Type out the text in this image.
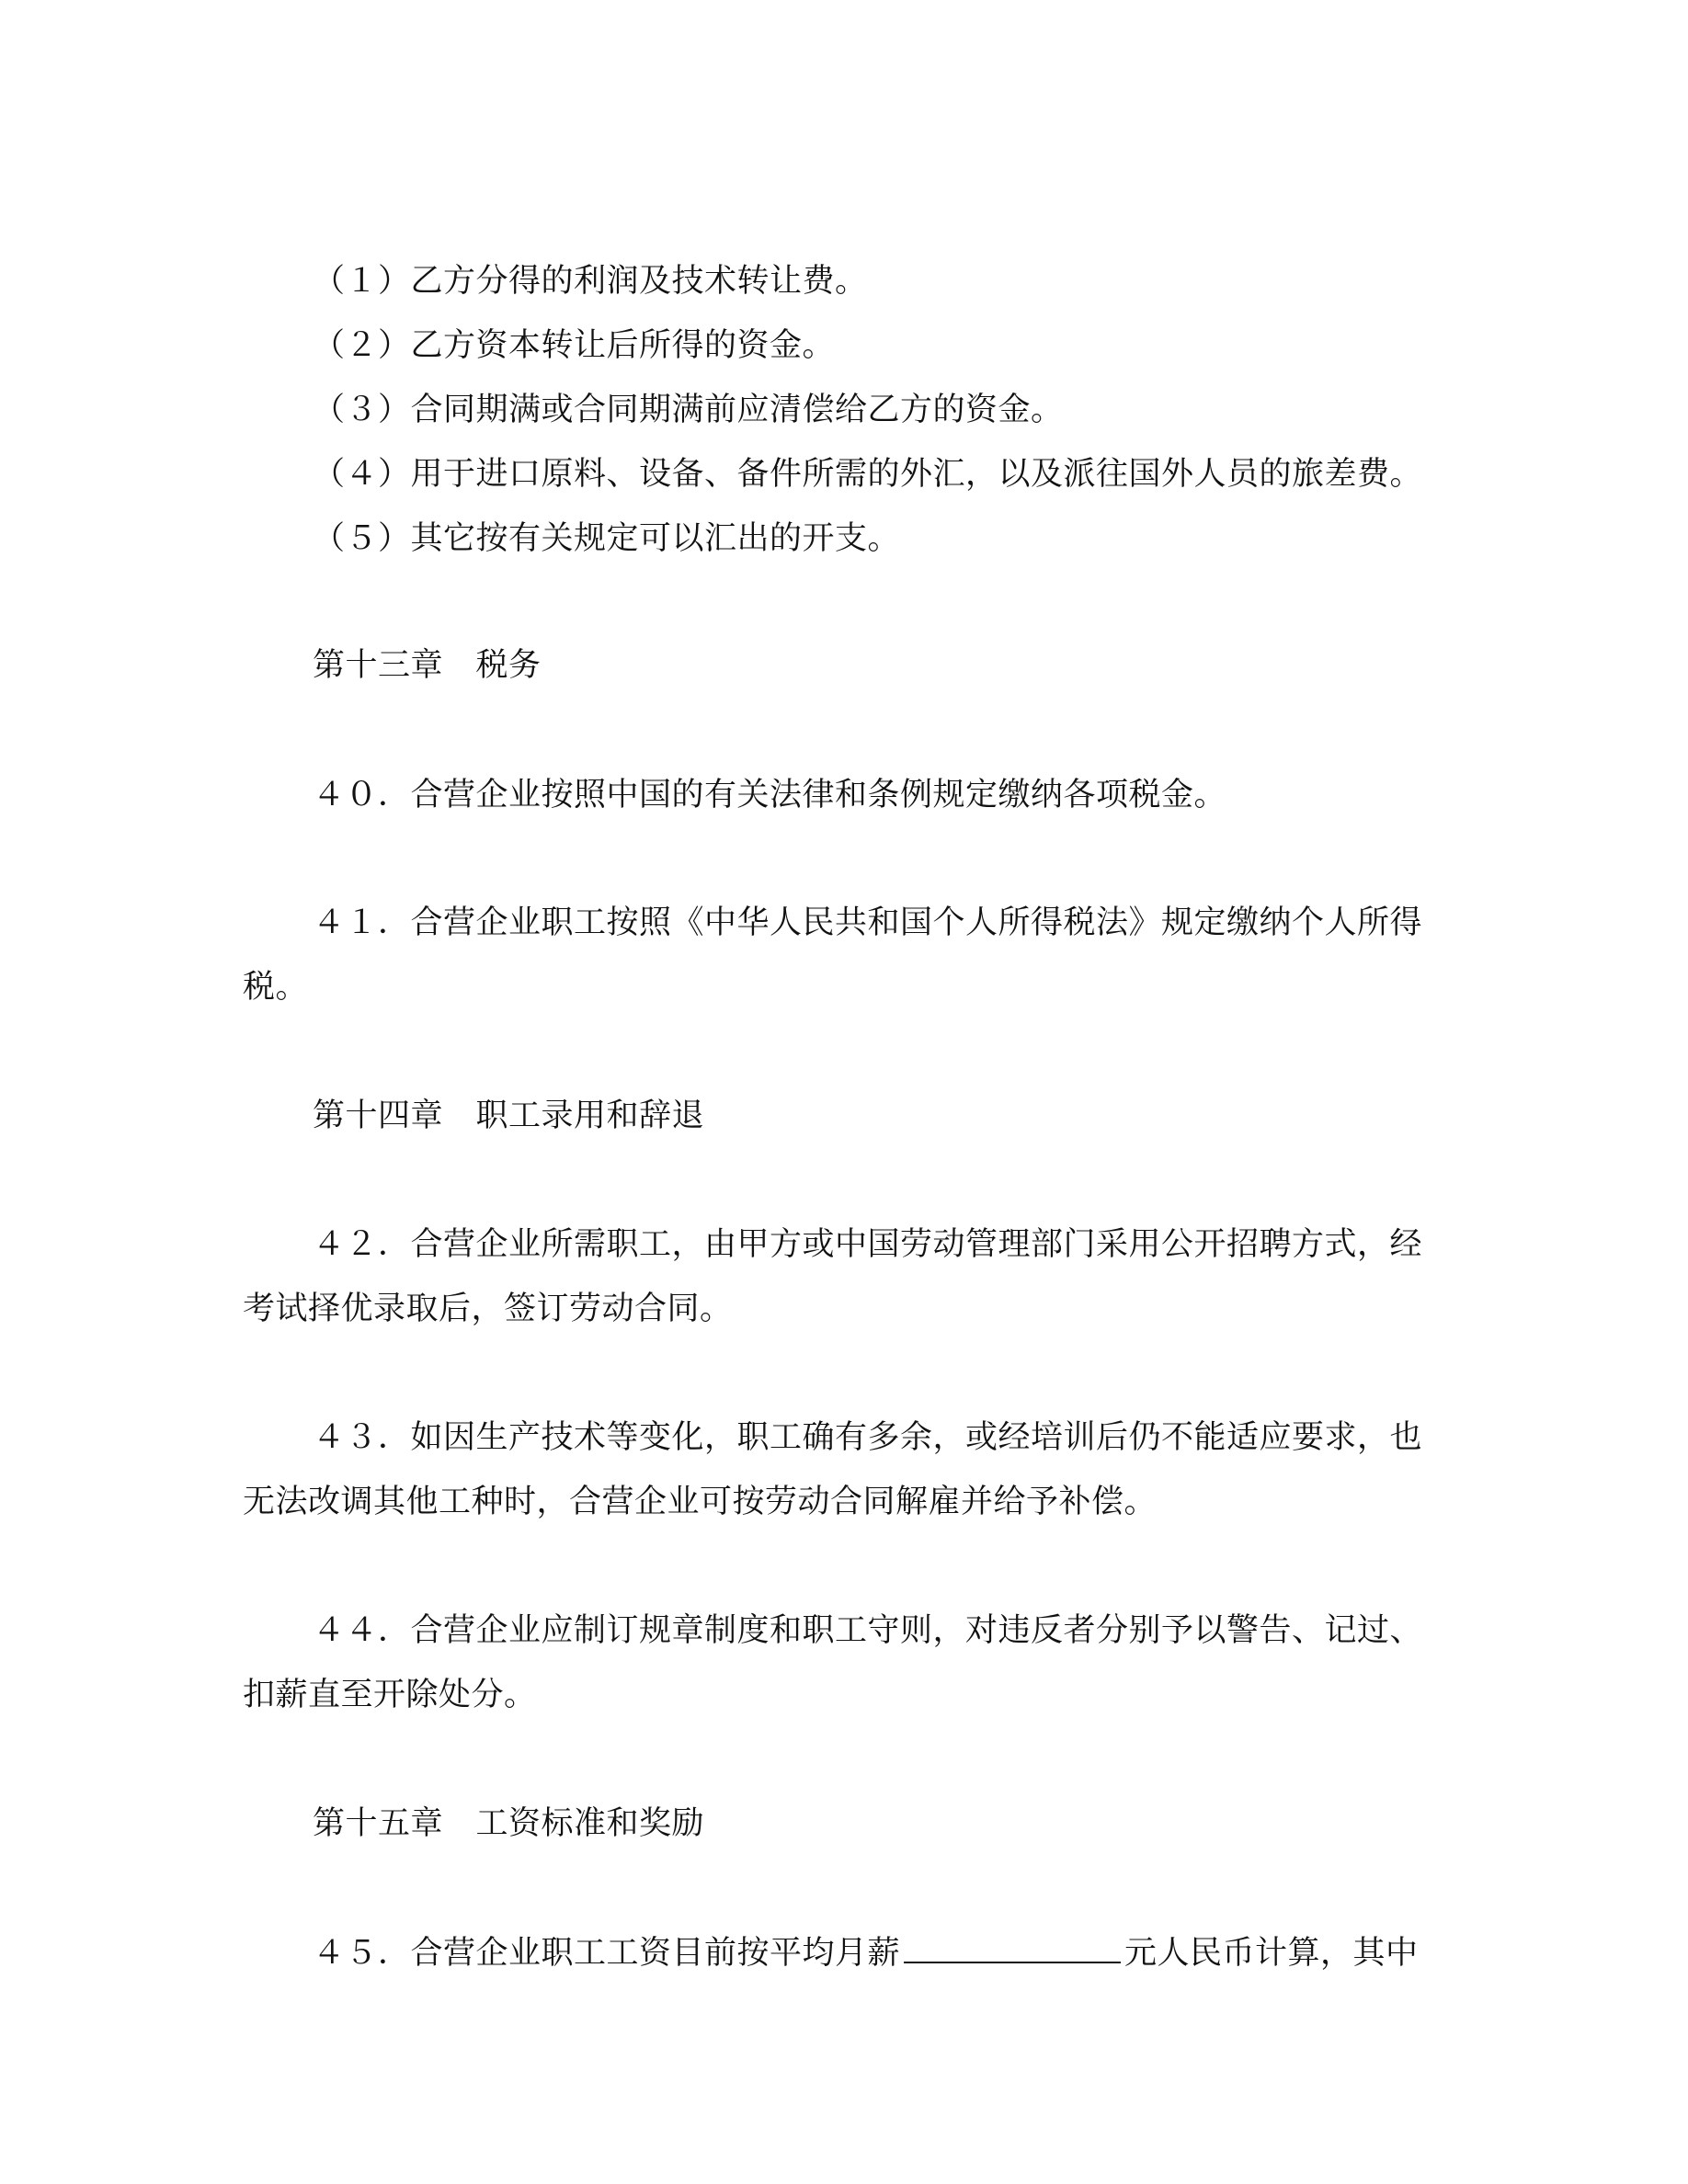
（１）乙方分得的利润及技术转让费。
（２）乙方资本转让后所得的资金。
（３）合同期满或合同期满前应清偿给乙方的资金。
（４）用于进口原料、设备、备件所需的外汇，以及派往国外人员的旅差费。
（５）其它按有关规定可以汇出的开支。
第十三章　税务
４０．合营企业按照中国的有关法律和条例规定缴纳各项税金。
４１．合营企业职工按照《中华人民共和国个人所得税法》规定缴纳个人所得
税。
第十四章　职工录用和辞退
４２．合营企业所需职工，由甲方或中国劳动管理部门采用公开招聘方式，经
考试择优录取后，签订劳动合同。
４３．如因生产技术等变化，职工确有多余，或经培训后仍不能适应要求，也
无法改调其他工种时，合营企业可按劳动合同解雇并给予补偿。
４４．合营企业应制订规章制度和职工守则，对违反者分别予以警告、记过、
扣薪直至开除处分。
第十五章　工资标准和奖励
４５．合营企业职工工资目前按平均月薪	元人民币计算，其中
